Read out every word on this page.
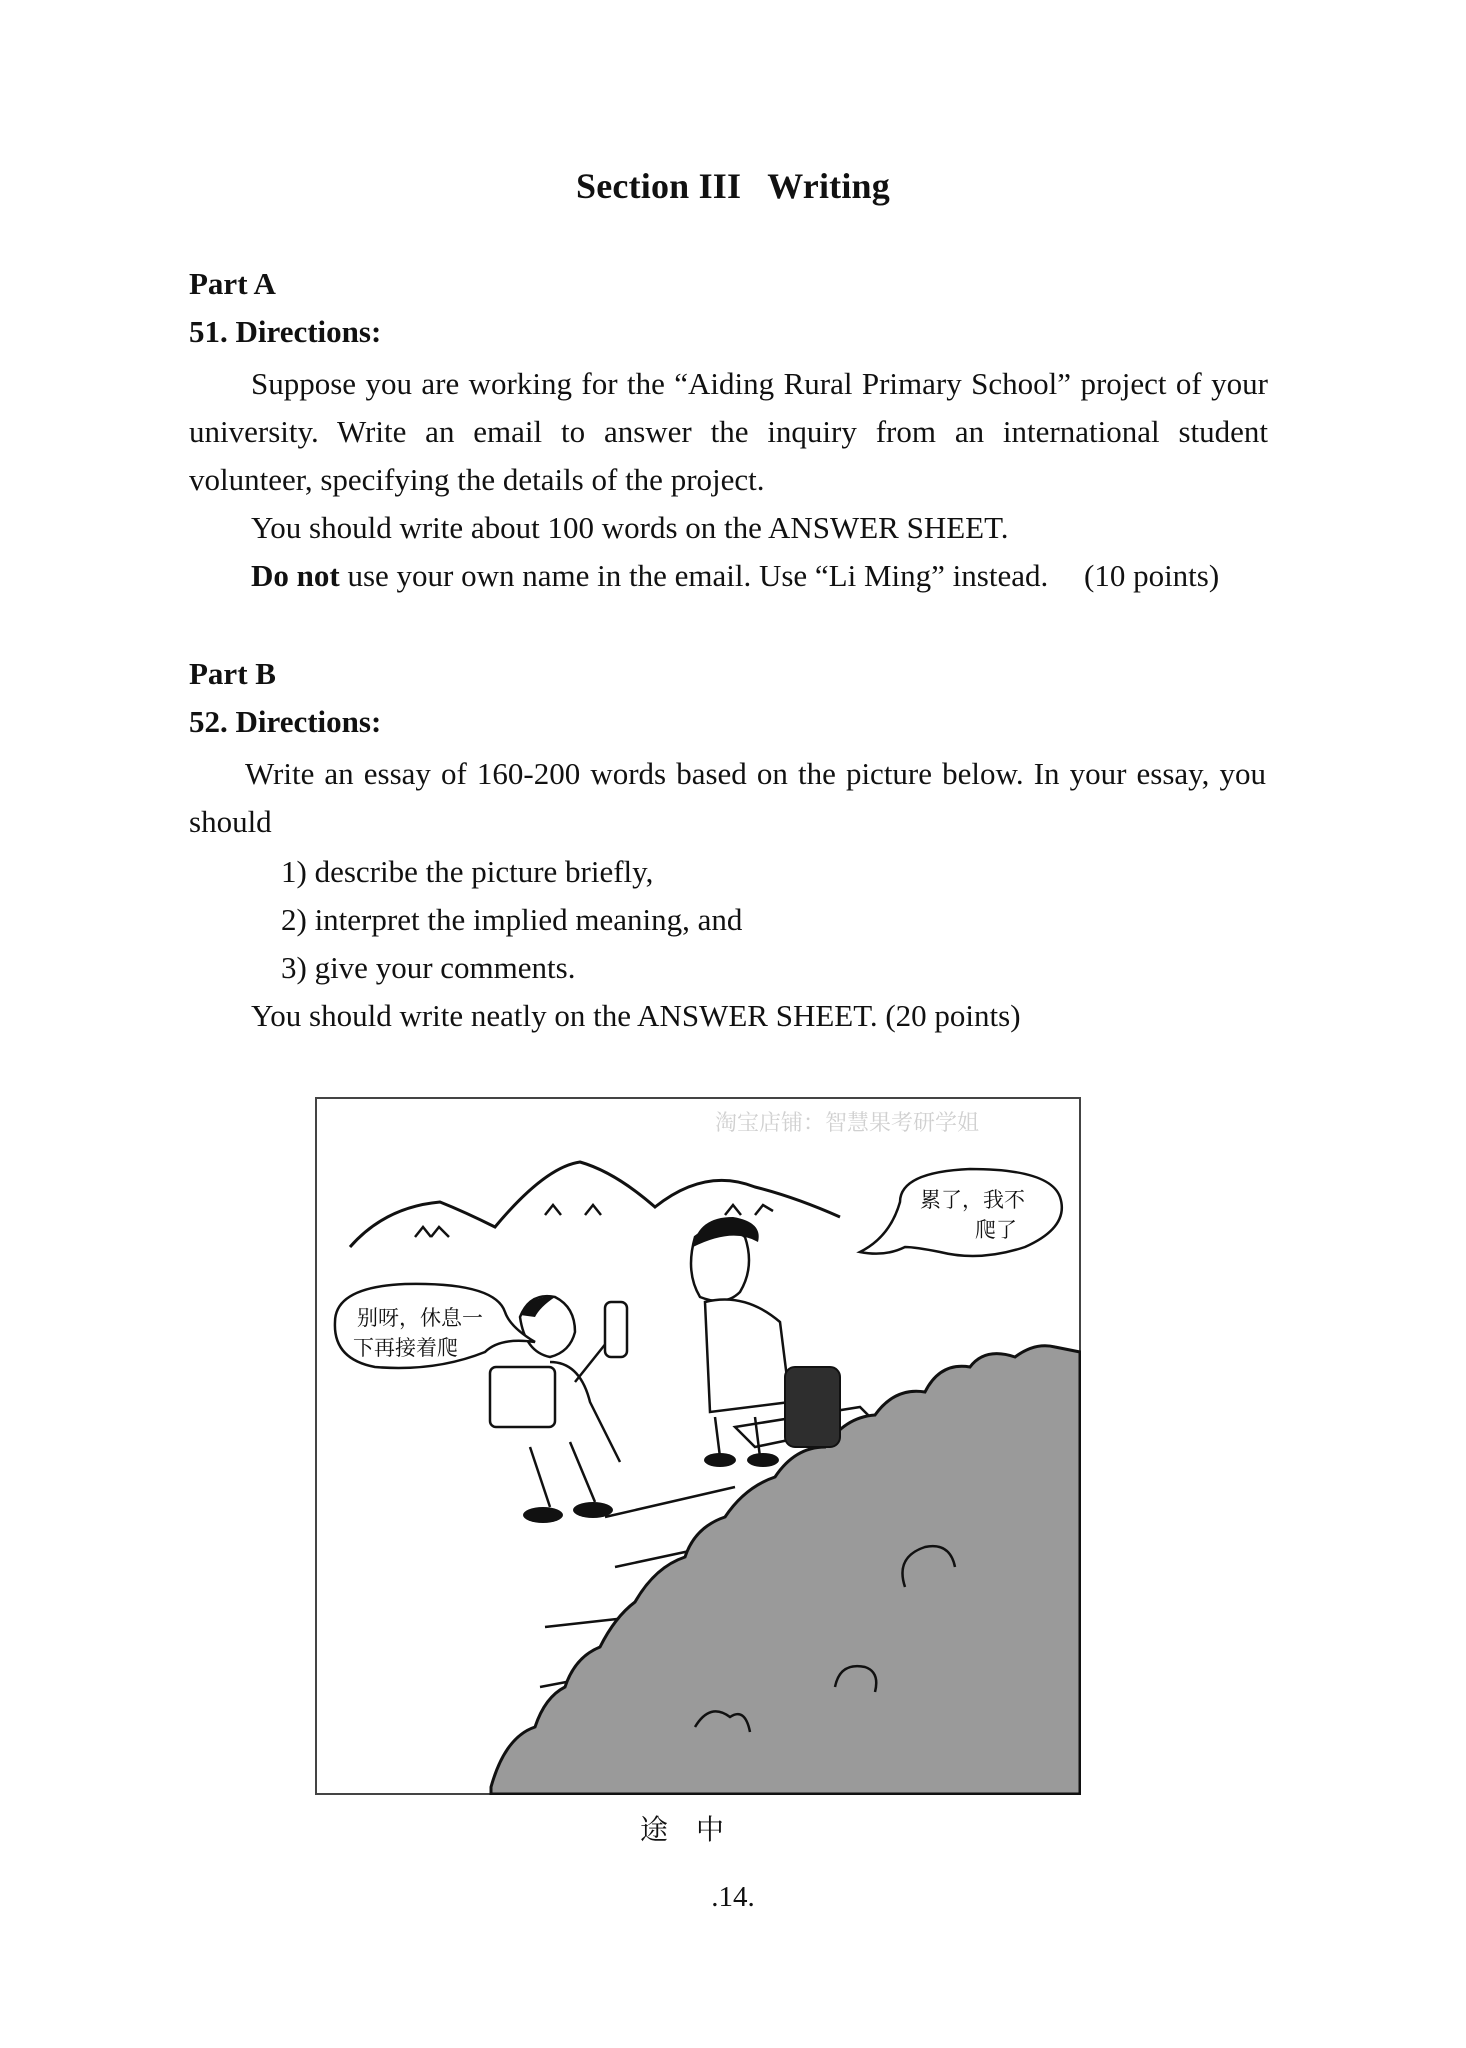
Section III Writing
Part A
51. Directions:
Suppose you are working for the “Aiding Rural Primary School” project of your
university. Write an email to answer the inquiry from an international student
volunteer, specifying the details of the project.
You should write about 100 words on the ANSWER SHEET.
Do not use your own name in the email. Use “Li Ming” instead. (10 points)
Part B
52. Directions:
Write an essay of 160-200 words based on the picture below. In your essay, you
should
1) describe the picture briefly,
2) interpret the implied meaning, and
3) give your comments.
You should write neatly on the ANSWER SHEET. (20 points)
淘宝店铺：智慧果考研学姐
别呀，休息一
下再接着爬
累了，我不
爬了
途中
.14.
